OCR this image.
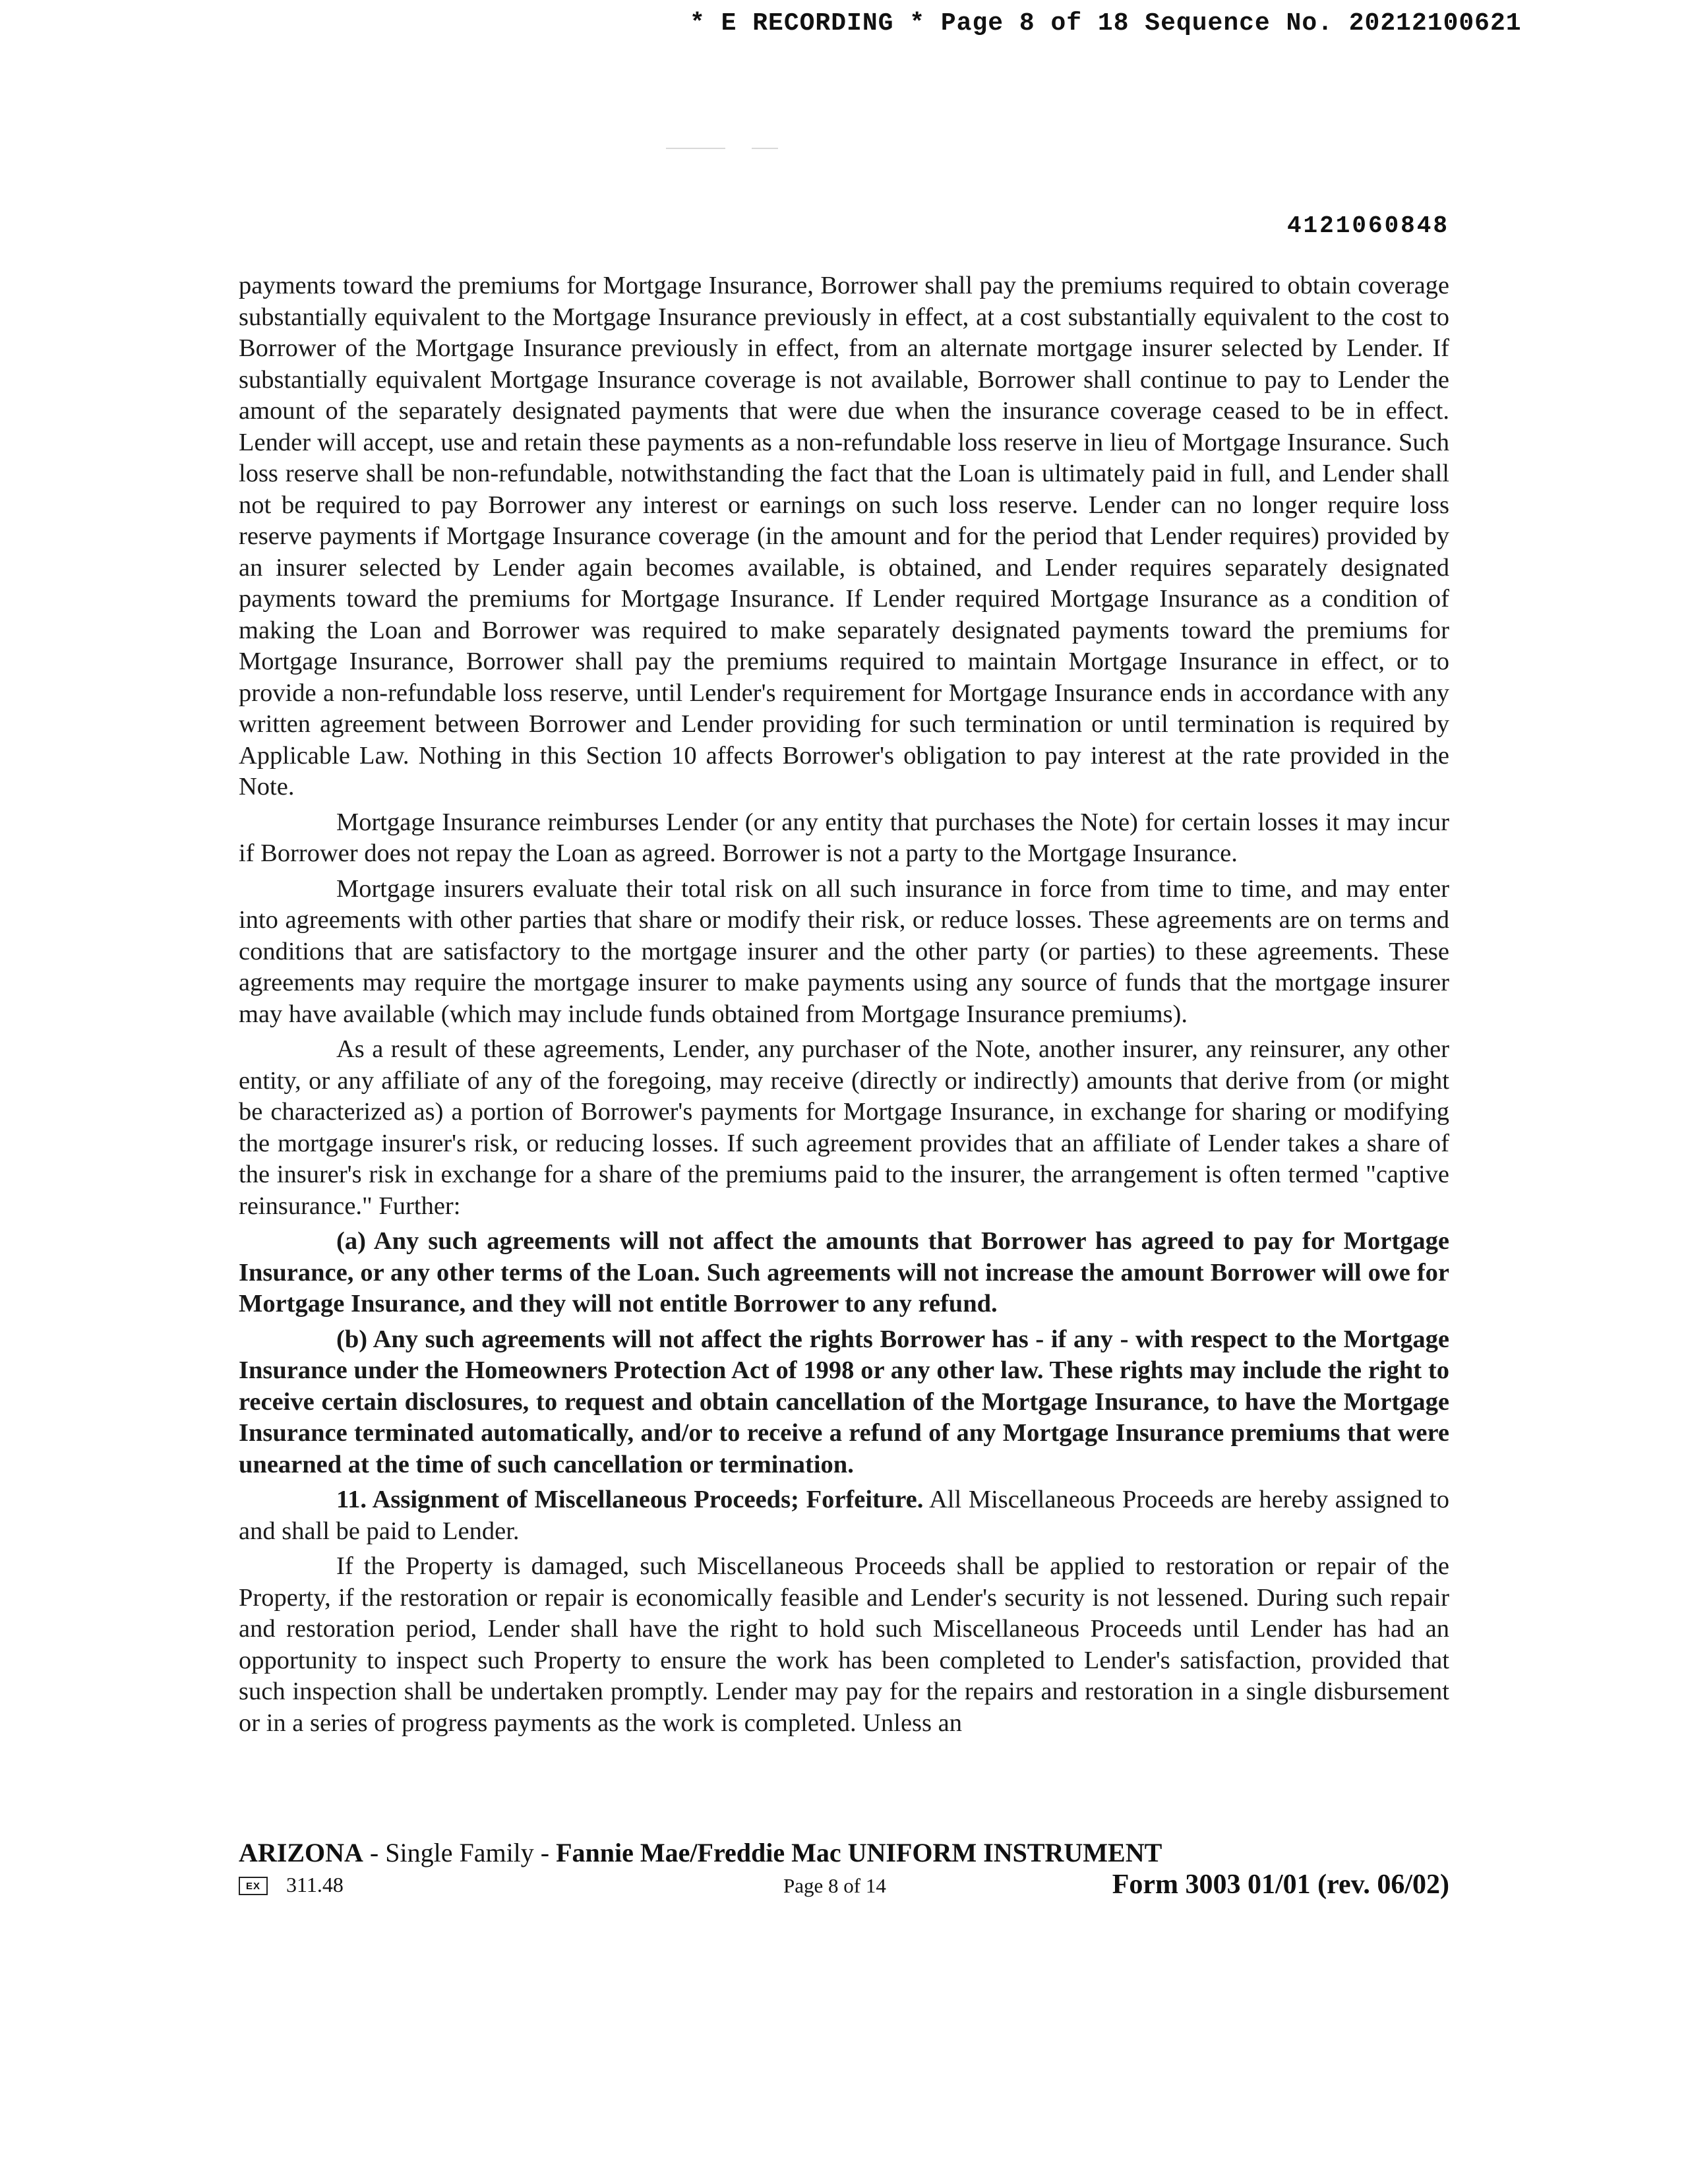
* E RECORDING * Page 8 of 18 Sequence No. 20212100621
4121060848

payments toward the premiums for Mortgage Insurance, Borrower shall pay the premiums required to obtain coverage substantially equivalent to the Mortgage Insurance previously in effect, at a cost substantially equivalent to the cost to Borrower of the Mortgage Insurance previously in effect, from an alternate mortgage insurer selected by Lender. If substantially equivalent Mortgage Insurance coverage is not available, Borrower shall continue to pay to Lender the amount of the separately designated payments that were due when the insurance coverage ceased to be in effect. Lender will accept, use and retain these payments as a non-refundable loss reserve in lieu of Mortgage Insurance. Such loss reserve shall be non-refundable, notwithstanding the fact that the Loan is ultimately paid in full, and Lender shall not be required to pay Borrower any interest or earnings on such loss reserve. Lender can no longer require loss reserve payments if Mortgage Insurance coverage (in the amount and for the period that Lender requires) provided by an insurer selected by Lender again becomes available, is obtained, and Lender requires separately designated payments toward the premiums for Mortgage Insurance. If Lender required Mortgage Insurance as a condition of making the Loan and Borrower was required to make separately designated payments toward the premiums for Mortgage Insurance, Borrower shall pay the premiums required to maintain Mortgage Insurance in effect, or to provide a non-refundable loss reserve, until Lender's requirement for Mortgage Insurance ends in accordance with any written agreement between Borrower and Lender providing for such termination or until termination is required by Applicable Law. Nothing in this Section 10 affects Borrower's obligation to pay interest at the rate provided in the Note.

Mortgage Insurance reimburses Lender (or any entity that purchases the Note) for certain losses it may incur if Borrower does not repay the Loan as agreed. Borrower is not a party to the Mortgage Insurance.

Mortgage insurers evaluate their total risk on all such insurance in force from time to time, and may enter into agreements with other parties that share or modify their risk, or reduce losses. These agreements are on terms and conditions that are satisfactory to the mortgage insurer and the other party (or parties) to these agreements. These agreements may require the mortgage insurer to make payments using any source of funds that the mortgage insurer may have available (which may include funds obtained from Mortgage Insurance premiums).

As a result of these agreements, Lender, any purchaser of the Note, another insurer, any reinsurer, any other entity, or any affiliate of any of the foregoing, may receive (directly or indirectly) amounts that derive from (or might be characterized as) a portion of Borrower's payments for Mortgage Insurance, in exchange for sharing or modifying the mortgage insurer's risk, or reducing losses. If such agreement provides that an affiliate of Lender takes a share of the insurer's risk in exchange for a share of the premiums paid to the insurer, the arrangement is often termed "captive reinsurance." Further:

(a) Any such agreements will not affect the amounts that Borrower has agreed to pay for Mortgage Insurance, or any other terms of the Loan. Such agreements will not increase the amount Borrower will owe for Mortgage Insurance, and they will not entitle Borrower to any refund.

(b) Any such agreements will not affect the rights Borrower has - if any - with respect to the Mortgage Insurance under the Homeowners Protection Act of 1998 or any other law. These rights may include the right to receive certain disclosures, to request and obtain cancellation of the Mortgage Insurance, to have the Mortgage Insurance terminated automatically, and/or to receive a refund of any Mortgage Insurance premiums that were unearned at the time of such cancellation or termination.

11. Assignment of Miscellaneous Proceeds; Forfeiture. All Miscellaneous Proceeds are hereby assigned to and shall be paid to Lender.

If the Property is damaged, such Miscellaneous Proceeds shall be applied to restoration or repair of the Property, if the restoration or repair is economically feasible and Lender's security is not lessened. During such repair and restoration period, Lender shall have the right to hold such Miscellaneous Proceeds until Lender has had an opportunity to inspect such Property to ensure the work has been completed to Lender's satisfaction, provided that such inspection shall be undertaken promptly. Lender may pay for the repairs and restoration in a single disbursement or in a series of progress payments as the work is completed. Unless an

ARIZONA - Single Family - Fannie Mae/Freddie Mac UNIFORM INSTRUMENT
EX	311.48	Page 8 of 14	Form 3003 01/01 (rev. 06/02)
